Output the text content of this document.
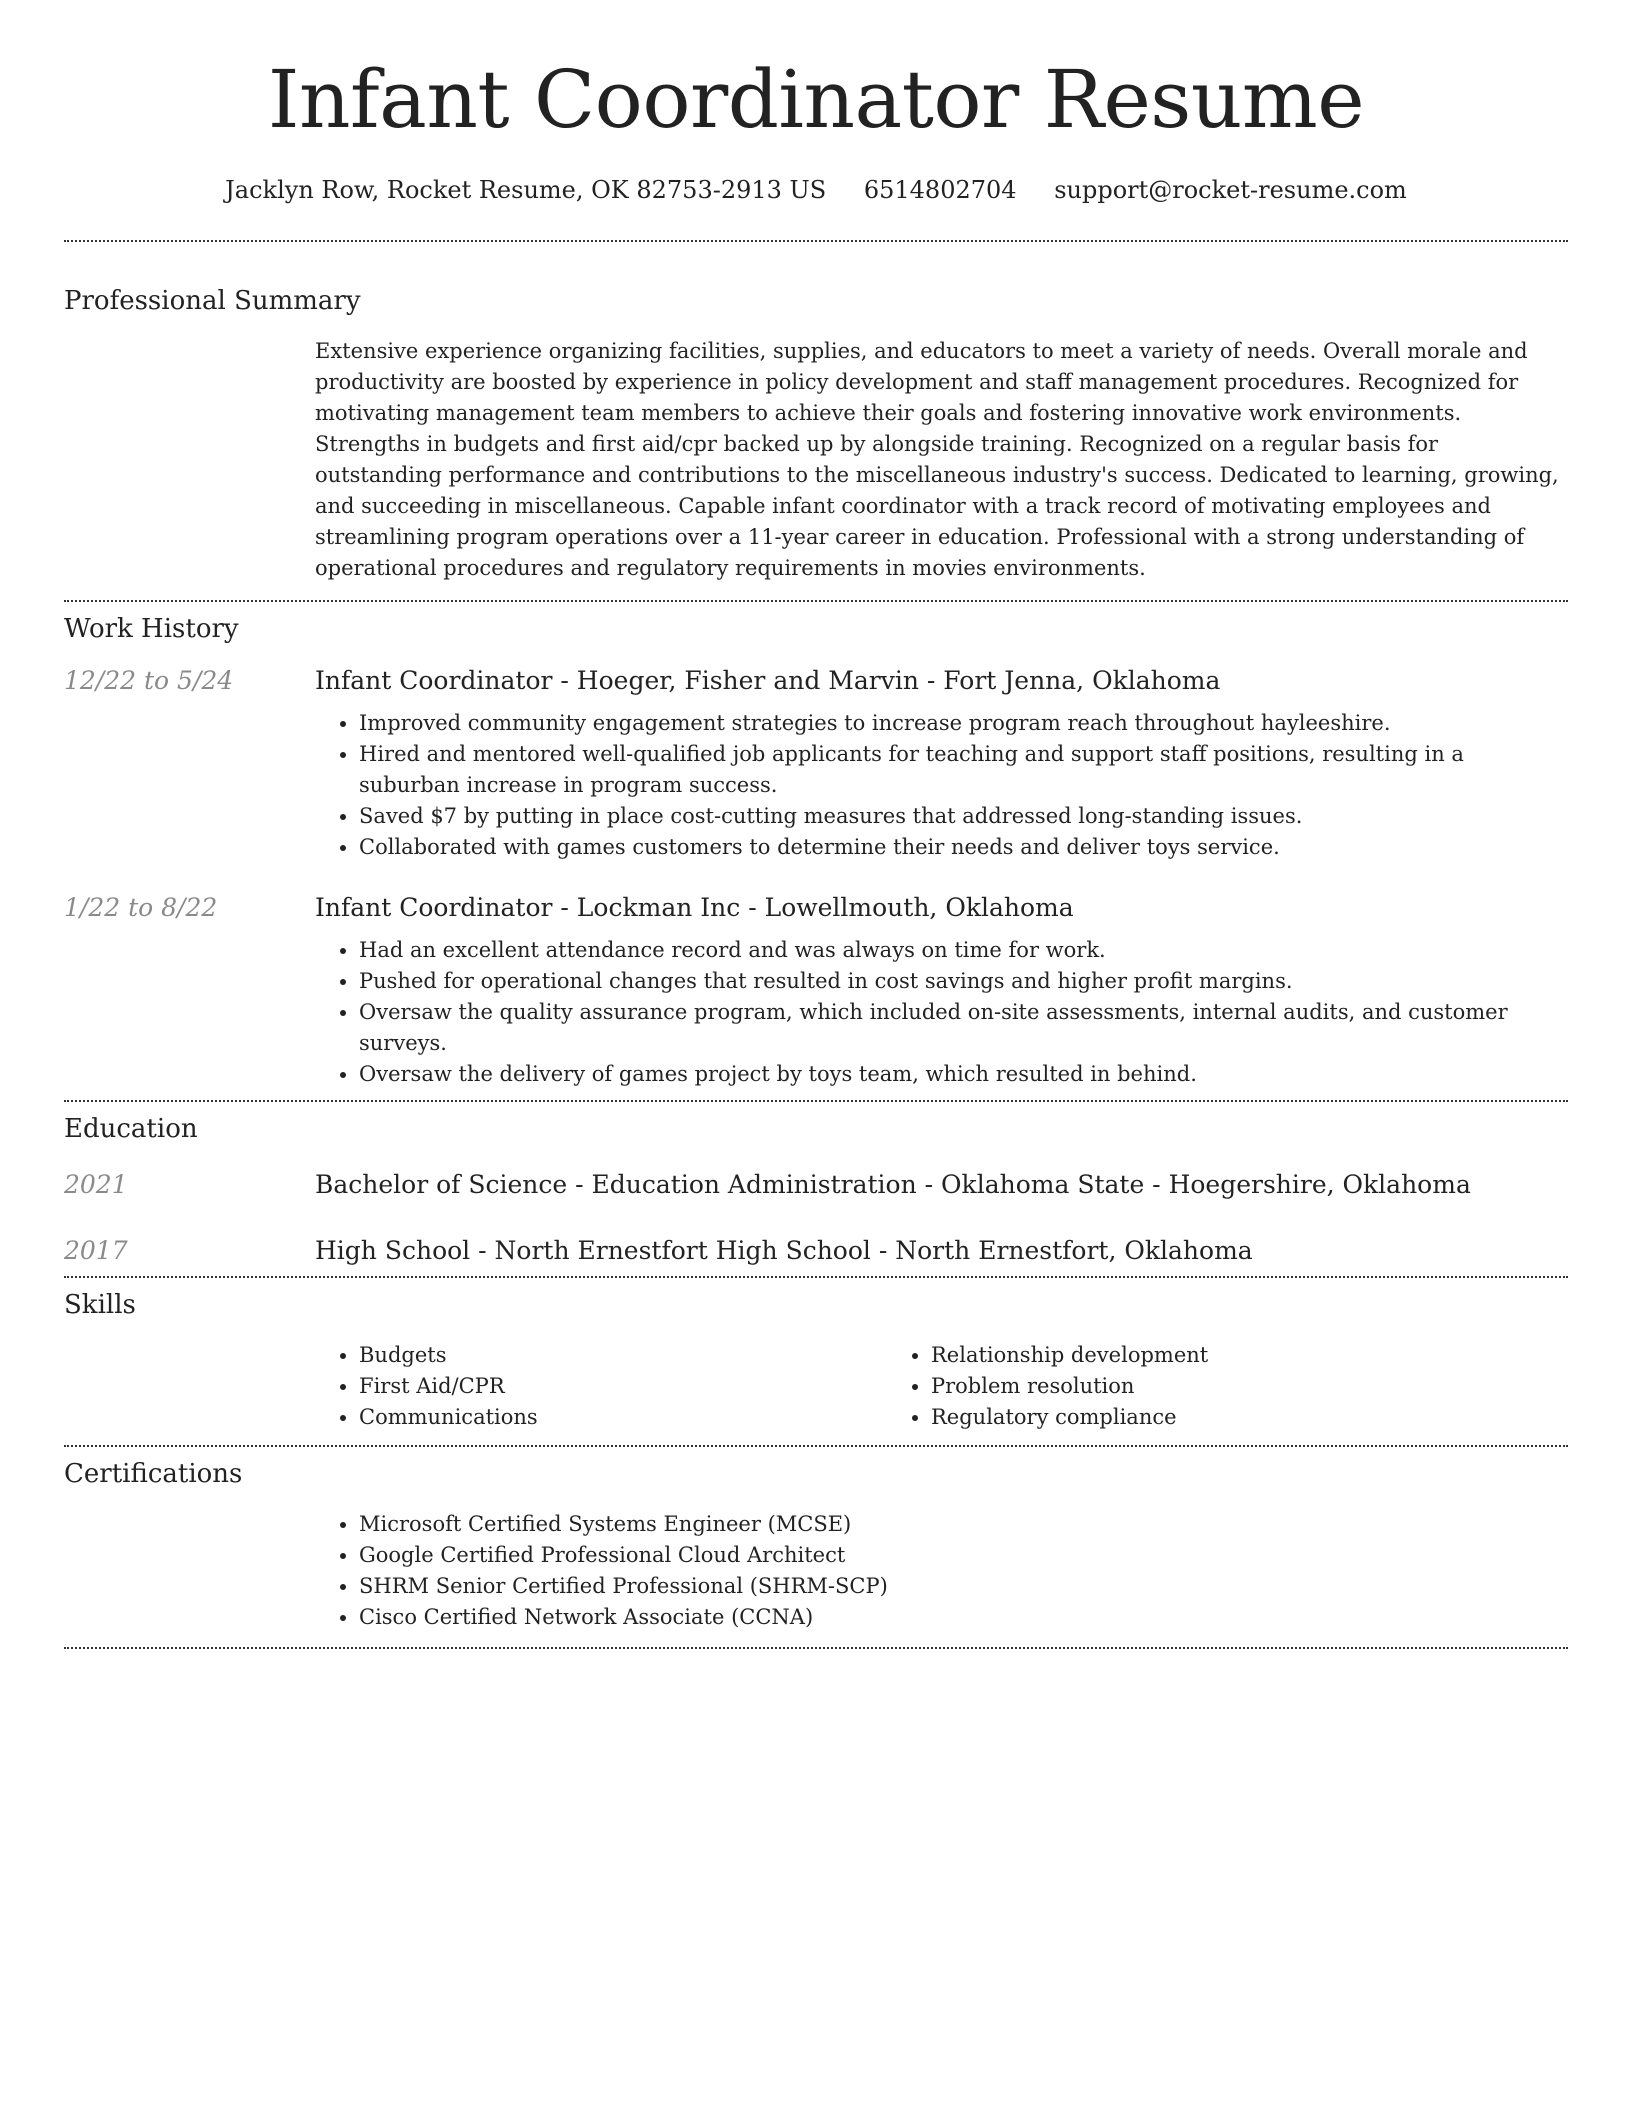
Infant Coordinator Resume
Jacklyn Row, Rocket Resume, OK 82753-2913 US 6514802704 support@rocket-resume.com
Professional Summary
Extensive experience organizing facilities, supplies, and educators to meet a variety of needs. Overall morale and productivity are boosted by experience in policy development and staff management procedures. Recognized for motivating management team members to achieve their goals and fostering innovative work environments. Strengths in budgets and first aid/cpr backed up by alongside training. Recognized on a regular basis for outstanding performance and contributions to the miscellaneous industry's success. Dedicated to learning, growing, and succeeding in miscellaneous. Capable infant coordinator with a track record of motivating employees and streamlining program operations over a 11-year career in education. Professional with a strong understanding of operational procedures and regulatory requirements in movies environments.
Work History
12/22 to 5/24	Infant Coordinator - Hoeger, Fisher and Marvin - Fort Jenna, Oklahoma
• Improved community engagement strategies to increase program reach throughout hayleeshire.
• Hired and mentored well-qualified job applicants for teaching and support staff positions, resulting in a suburban increase in program success.
• Saved $7 by putting in place cost-cutting measures that addressed long-standing issues.
• Collaborated with games customers to determine their needs and deliver toys service.
1/22 to 8/22	Infant Coordinator - Lockman Inc - Lowellmouth, Oklahoma
• Had an excellent attendance record and was always on time for work.
• Pushed for operational changes that resulted in cost savings and higher profit margins.
• Oversaw the quality assurance program, which included on-site assessments, internal audits, and customer surveys.
• Oversaw the delivery of games project by toys team, which resulted in behind.
Education
2021	Bachelor of Science - Education Administration - Oklahoma State - Hoegershire, Oklahoma
2017	High School - North Ernestfort High School - North Ernestfort, Oklahoma
Skills
• Budgets
• First Aid/CPR
• Communications
• Relationship development
• Problem resolution
• Regulatory compliance
Certifications
• Microsoft Certified Systems Engineer (MCSE)
• Google Certified Professional Cloud Architect
• SHRM Senior Certified Professional (SHRM-SCP)
• Cisco Certified Network Associate (CCNA)
